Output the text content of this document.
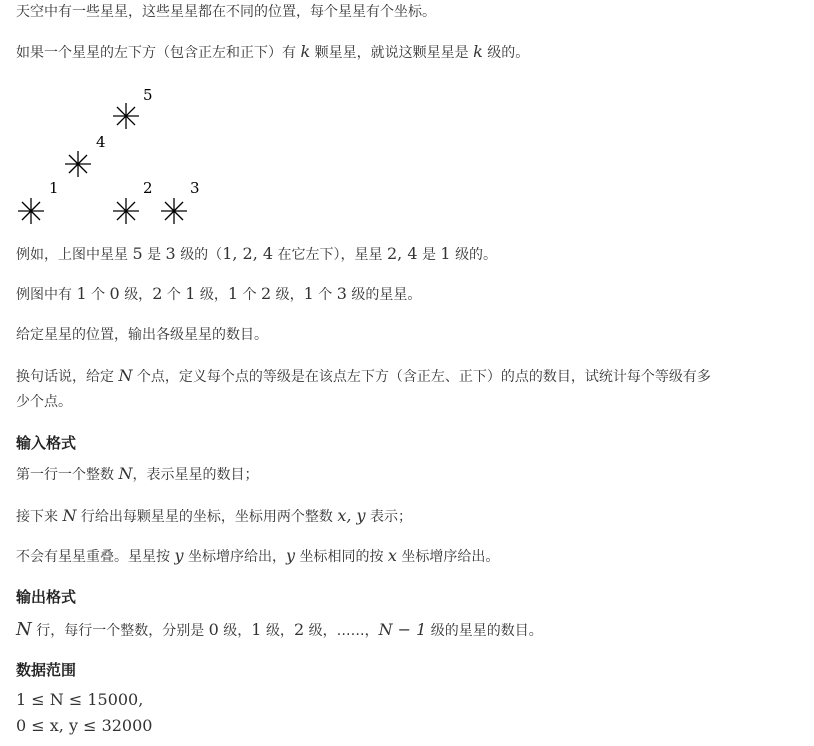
天空中有一些星星，这些星星都在不同的位置，每个星星有个坐标。

如果一个星星的左下方（包含正左和正下）有 k 颗星星，就说这颗星星是 k 级的。

1	2 3
4
5

例如，上图中星星 5 是 3 级的（1, 2, 4 在它左下），星星 2, 4 是 1 级的。

例图中有 1 个 0 级，2 个 1 级，1 个 2 级，1 个 3 级的星星。

给定星星的位置，输出各级星星的数目。

换句话说，给定 N 个点，定义每个点的等级是在该点左下方（含正左、正下）的点的数目，试统计每个等级有多

少个点。

输入格式

第一行一个整数 N，表示星星的数目；

接下来 N 行给出每颗星星的坐标，坐标用两个整数 x, y 表示；

不会有星星重叠。星星按 y 坐标增序给出，y 坐标相同的按 x 坐标增序给出。

输出格式

N 行，每行一个整数，分别是 0 级，1 级，2 级，……，N − 1 级的星星的数目。

数据范围

1 ≤ N ≤ 15000,

0 ≤ x, y ≤ 32000
